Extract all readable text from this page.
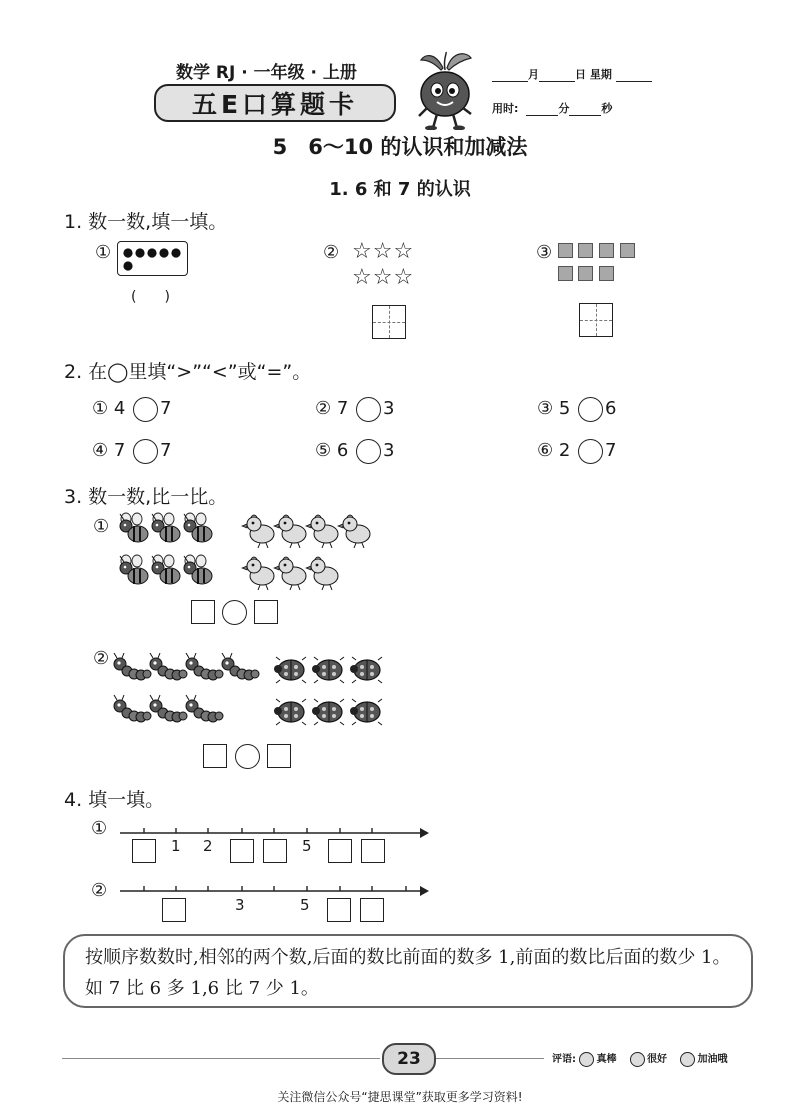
数学 RJ · 一年级 · 上册
五E口算题卡
月	日 星期
用时:	分	秒
5　6～10 的认识和加减法
1. 6 和 7 的认识
1. 数一数,填一填。
①
(　　)
② ☆☆☆
☆☆☆
③
2. 在◯里填“>”“<”或“=”。
① 4 7	② 7 3	③ 5 6
④ 7 7	⑤ 6 3	⑥ 2 7
3. 数一数,比一比。
①
②
4. 填一填。
①
1 2	5
②
3	5
按顺序数数时,相邻的两个数,后面的数比前面的数多 1,前面的数比后面的数少 1。如 7 比 6 多 1,6 比 7 少 1。
23	评语: 真棒	很好	加油哦
关注微信公众号“捷思课堂”获取更多学习资料!
